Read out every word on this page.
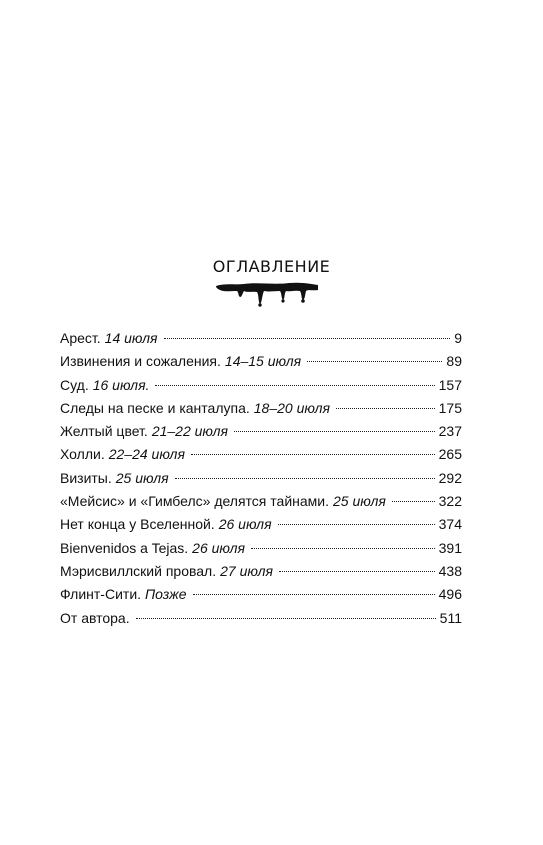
ОГЛАВЛЕНИЕ
Арест. 14 июля	9
Извинения и сожаления. 14–15 июля	89
Суд. 16 июля.	157
Следы на песке и канталупа. 18–20 июля	175
Желтый цвет. 21–22 июля	237
Холли. 22–24 июля	265
Визиты. 25 июля	292
«Мейсис» и «Гимбелс» делятся тайнами. 25 июля	322
Нет конца у Вселенной. 26 июля	374
Bienvenidos a Tejas. 26 июля	391
Мэрисвиллский провал. 27 июля	438
Флинт-Сити. Позже	496
От автора.	511
